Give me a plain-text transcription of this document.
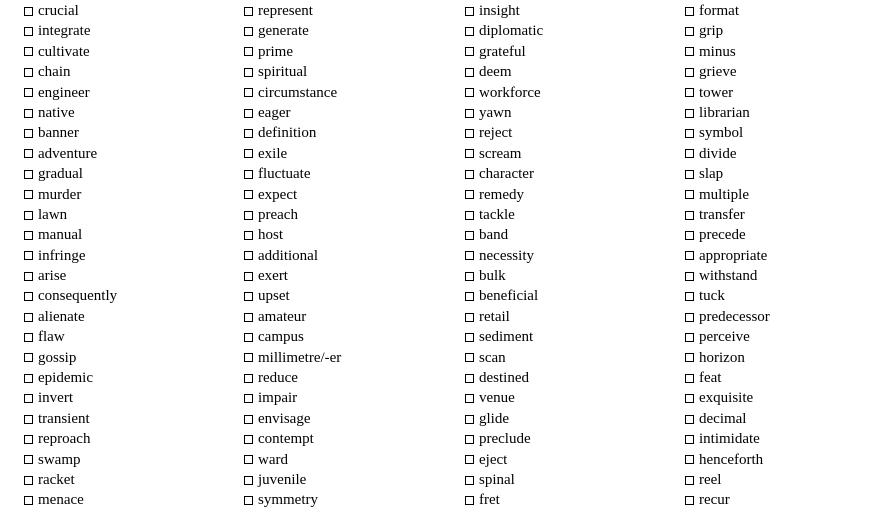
crucial
integrate
cultivate
chain
engineer
native
banner
adventure
gradual
murder
lawn
manual
infringe
arise
consequently
alienate
flaw
gossip
epidemic
invert
transient
reproach
swamp
racket
menace
represent
generate
prime
spiritual
circumstance
eager
definition
exile
fluctuate
expect
preach
host
additional
exert
upset
amateur
campus
millimetre/-er
reduce
impair
envisage
contempt
ward
juvenile
symmetry
insight
diplomatic
grateful
deem
workforce
yawn
reject
scream
character
remedy
tackle
band
necessity
bulk
beneficial
retail
sediment
scan
destined
venue
glide
preclude
eject
spinal
fret
format
grip
minus
grieve
tower
librarian
symbol
divide
slap
multiple
transfer
precede
appropriate
withstand
tuck
predecessor
perceive
horizon
feat
exquisite
decimal
intimidate
henceforth
reel
recur
